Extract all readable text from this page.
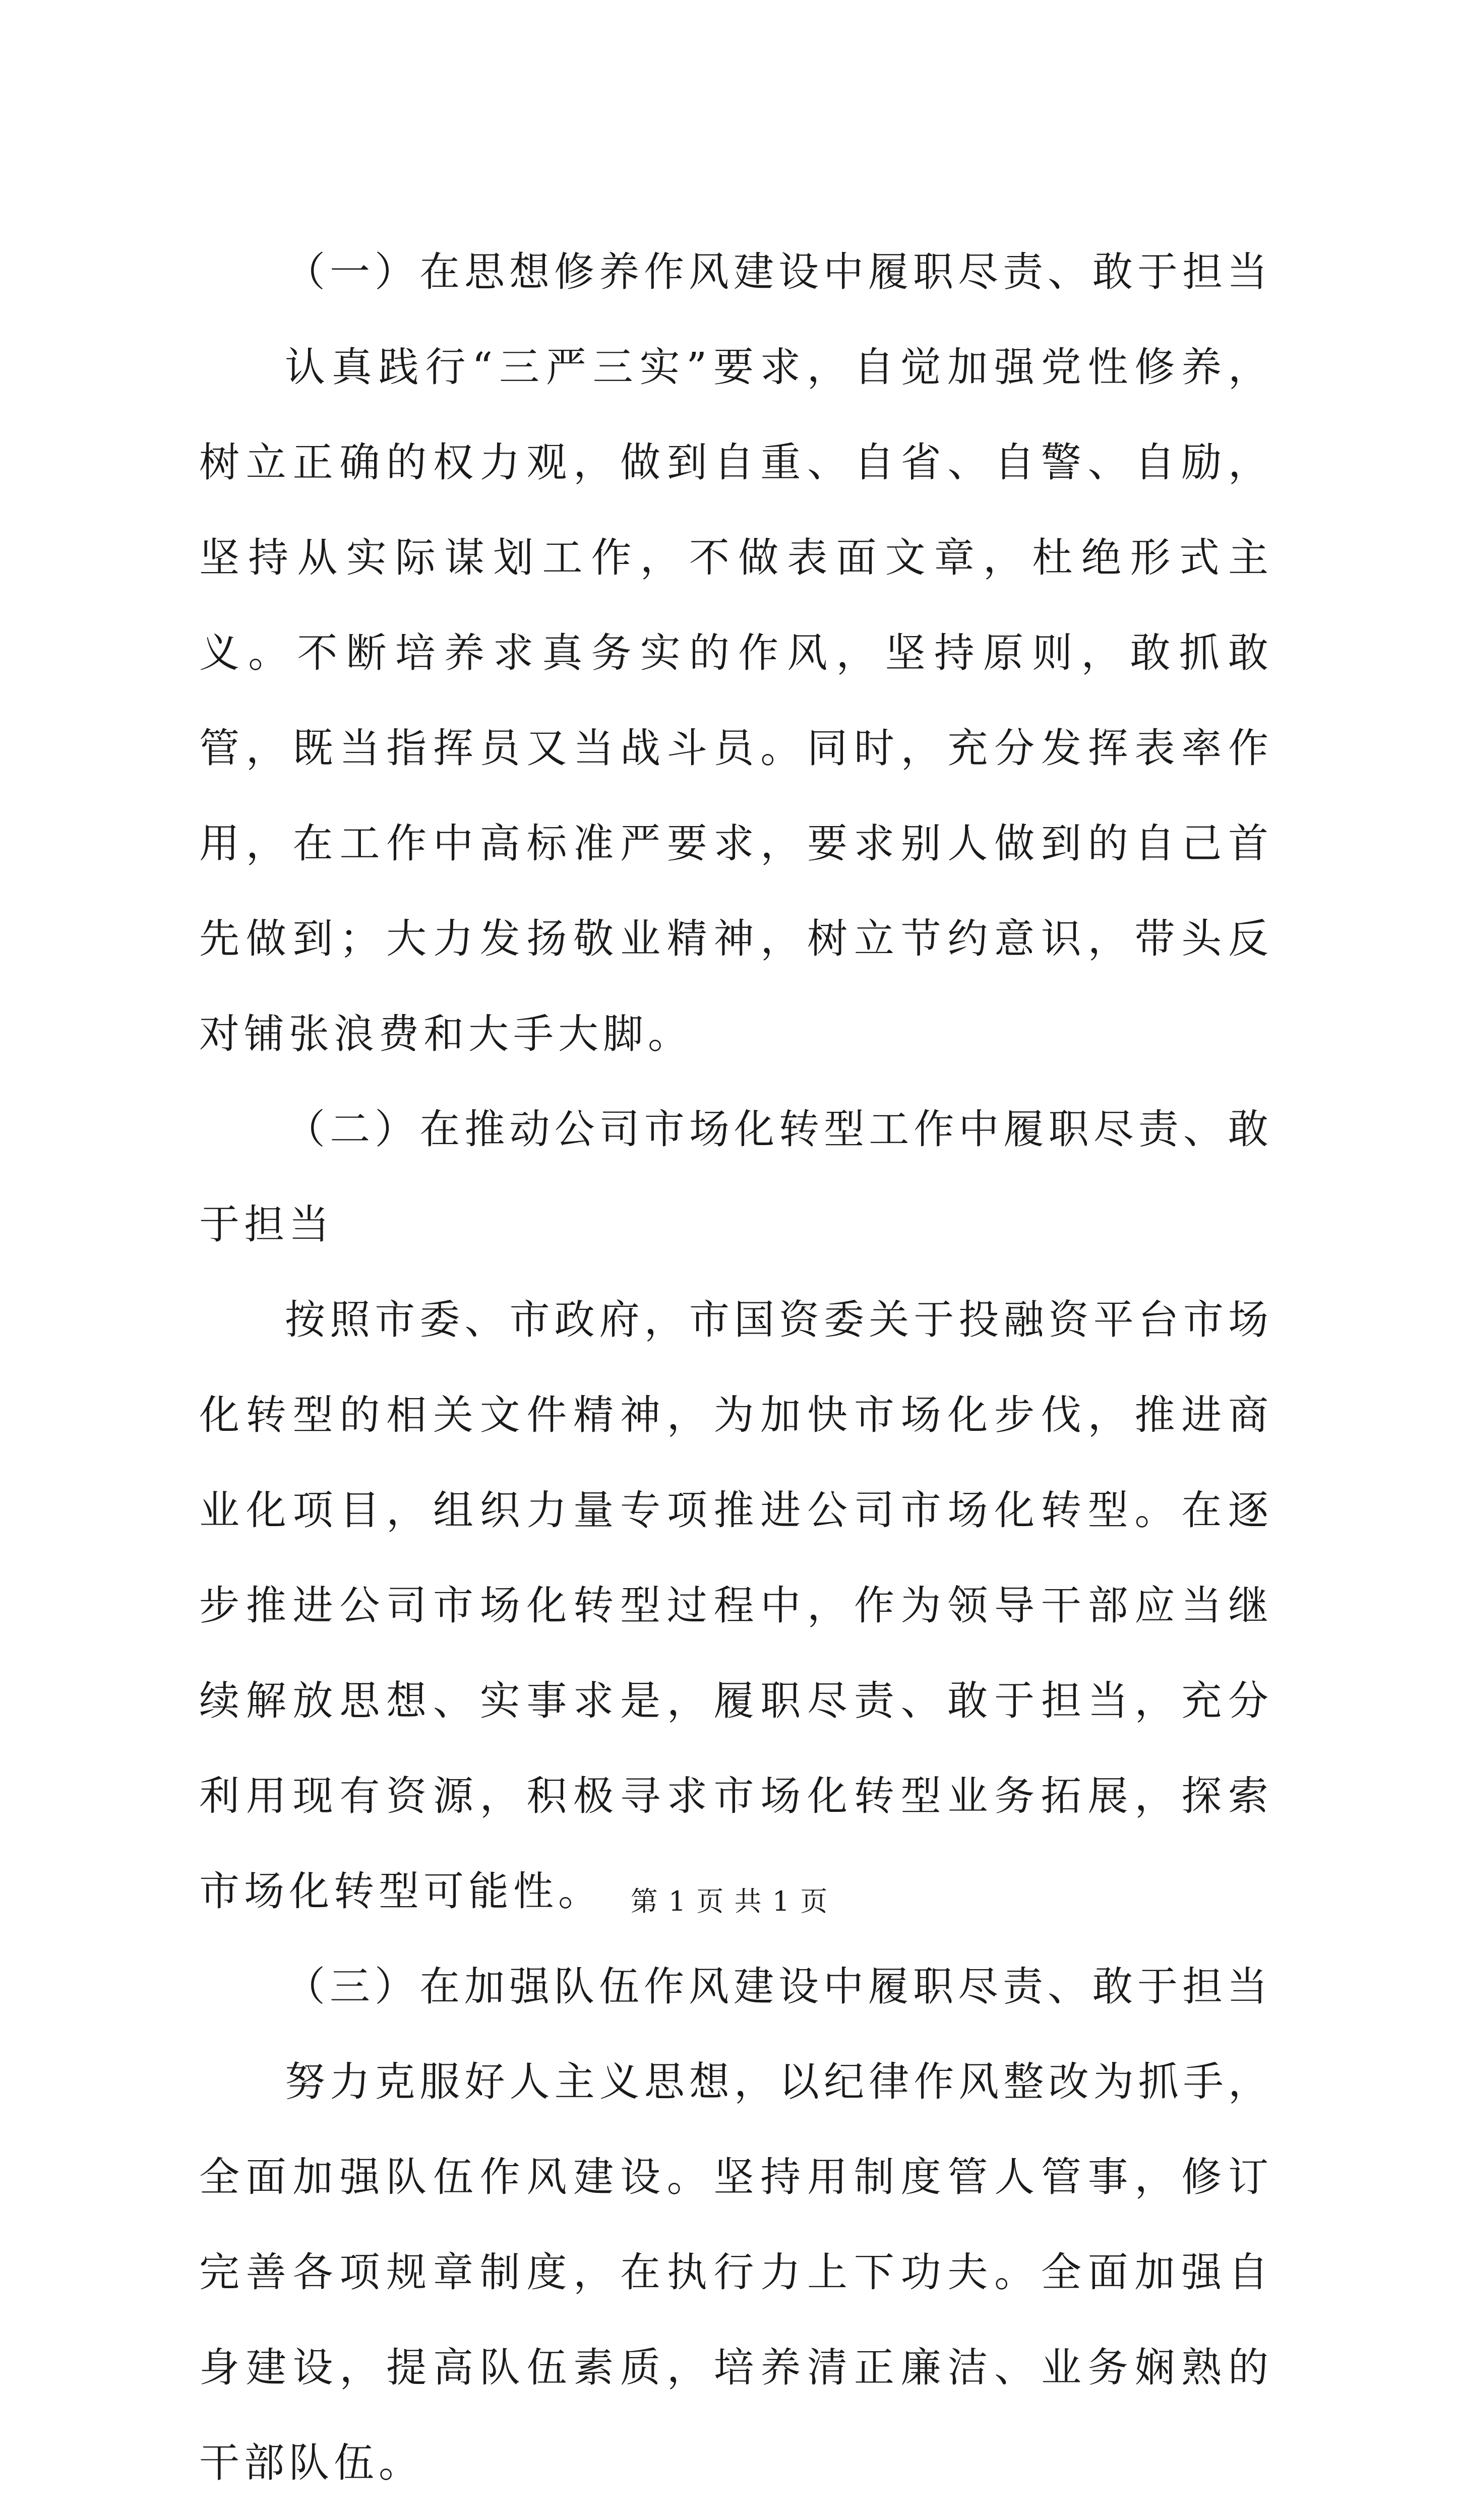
（一）在思想修养作风建设中履职尽责、敢于担当

认真践行“三严三实”要求，自觉加强党性修养，树立正确的权力观，做到自重、自省、自警、自励，坚持从实际谋划工作，不做表面文章，杜绝形式主义。不断培养求真务实的作风，坚持原则，敢抓敢管，既当指挥员又当战斗员。同时，充分发挥表率作用，在工作中高标准严要求，要求别人做到的自己首先做到；大力发扬敬业精神，树立节约意识，带头反对铺张浪费和大手大脚。

（二）在推动公司市场化转型工作中履职尽责、敢于担当

按照市委、市政府，市国资委关于投融资平台市场化转型的相关文件精神，为加快市场化步伐，推进商业化项目，组织力量专项推进公司市场化转型。在逐步推进公司市场化转型过程中，作为领导干部应当继续解放思想、实事求是，履职尽责、敢于担当，充分利用现有资源，积极寻求市场化转型业务拓展，探索市场化转型可能性。

（三）在加强队伍作风建设中履职尽责、敢于担当

努力克服好人主义思想，以纪律作风整改为抓手，全面加强队伍作风建设。坚持用制度管人管事，修订完善各项规章制度，在执行力上下功夫。全面加强自身建设，提高队伍素质，培养清正廉洁、业务娴熟的干部队伍。

第 1 页 共 1 页
